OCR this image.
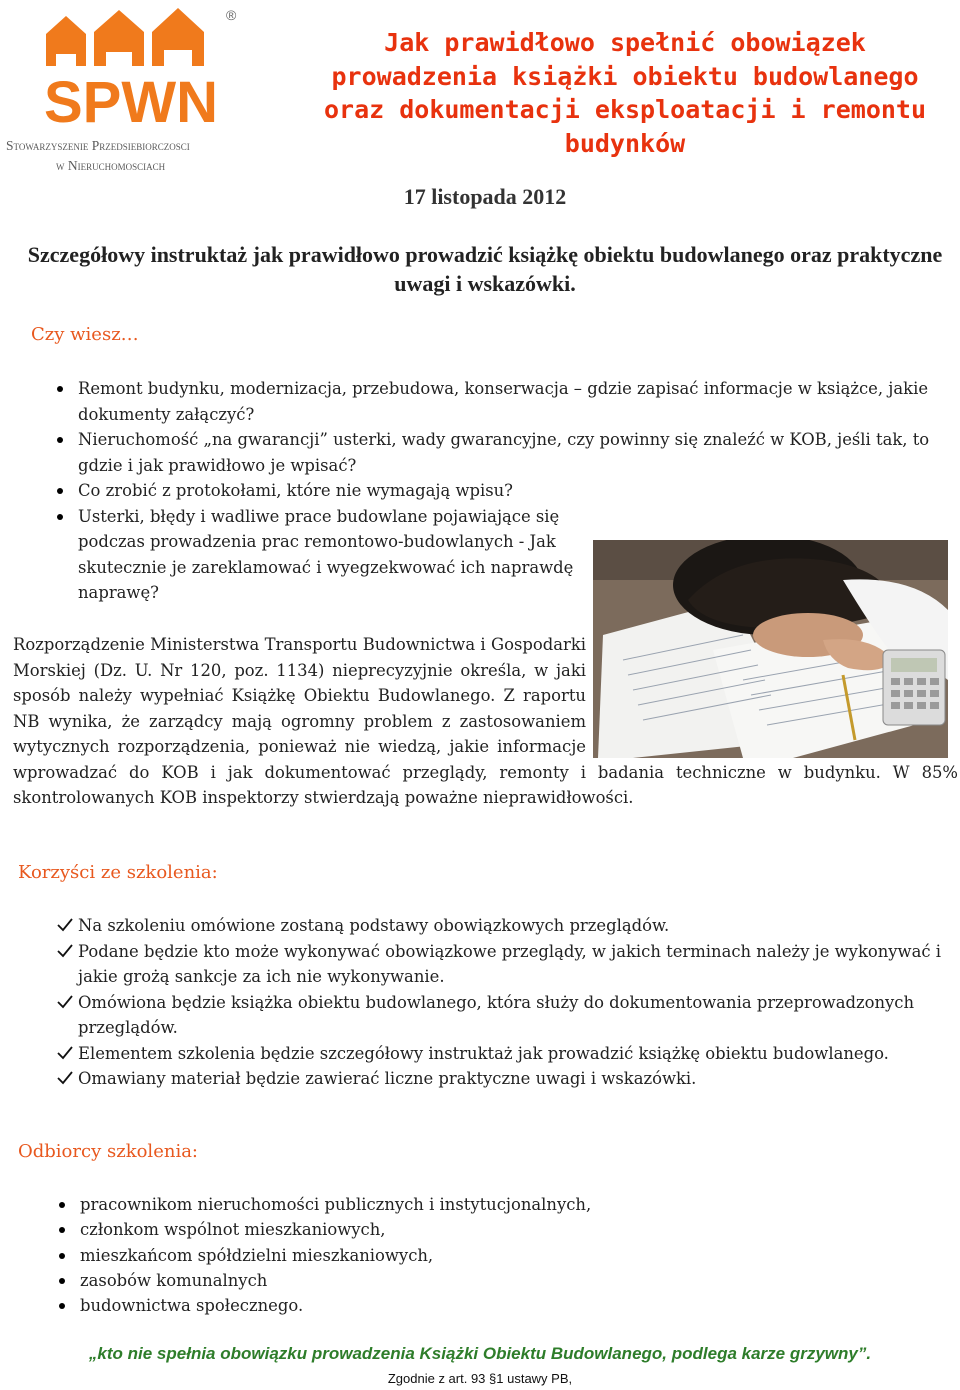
SPWN
®
Stowarzyszenie Przedsiebiorczosci
w Nieruchomosciach
Jak prawidłowo spełnić obowiązek prowadzenia książki obiektu budowlanego oraz dokumentacji eksploatacji i remontu budynków
17 listopada 2012
Szczegółowy instruktaż jak prawidłowo prowadzić książkę obiektu budowlanego oraz praktyczne uwagi i wskazówki.
Czy wiesz…
Remont budynku, modernizacja, przebudowa, konserwacja – gdzie zapisać informacje w książce, jakie dokumenty załączyć?
Nieruchomość „na gwarancji” usterki, wady gwarancyjne, czy powinny się znaleźć w KOB, jeśli tak, to gdzie i jak prawidłowo je wpisać?
Co zrobić z protokołami, które nie wymagają wpisu?
Usterki, błędy i wadliwe prace budowlane pojawiające się podczas prowadzenia prac remontowo-budowlanych - Jak skutecznie je zareklamować i wyegzekwować ich naprawdę naprawę?
Rozporządzenie Ministerstwa Transportu Budownictwa i Gospodarki Morskiej (Dz. U. Nr 120, poz. 1134) nieprecyzyjnie określa, w jaki sposób należy wypełniać Książkę Obiektu Budowlanego. Z raportu NB wynika, że zarządcy mają ogromny problem z zastosowaniem wytycznych rozporządzenia, ponieważ nie wiedzą, jakie informacje wprowadzać do KOB i jak dokumentować przeglądy, remonty i badania techniczne w budynku. W 85% skontrolowanych KOB inspektorzy stwierdzają poważne nieprawidłowości.
Korzyści ze szkolenia:
Na szkoleniu omówione zostaną podstawy obowiązkowych przeglądów.
Podane będzie kto może wykonywać obowiązkowe przeglądy, w jakich terminach należy je wykonywać i jakie grożą sankcje za ich nie wykonywanie.
Omówiona będzie książka obiektu budowlanego, która służy do dokumentowania przeprowadzonych przeglądów.
Elementem szkolenia będzie szczegółowy instruktaż jak prowadzić książkę obiektu budowlanego.
Omawiany materiał będzie zawierać liczne praktyczne uwagi i wskazówki.
Odbiorcy szkolenia:
pracownikom nieruchomości publicznych i instytucjonalnych,
członkom wspólnot mieszkaniowych,
mieszkańcom spółdzielni mieszkaniowych,
zasobów komunalnych
budownictwa społecznego.
„kto nie spełnia obowiązku prowadzenia Książki Obiektu Budowlanego, podlega karze grzywny”.
Zgodnie z art. 93 §1 ustawy PB,
